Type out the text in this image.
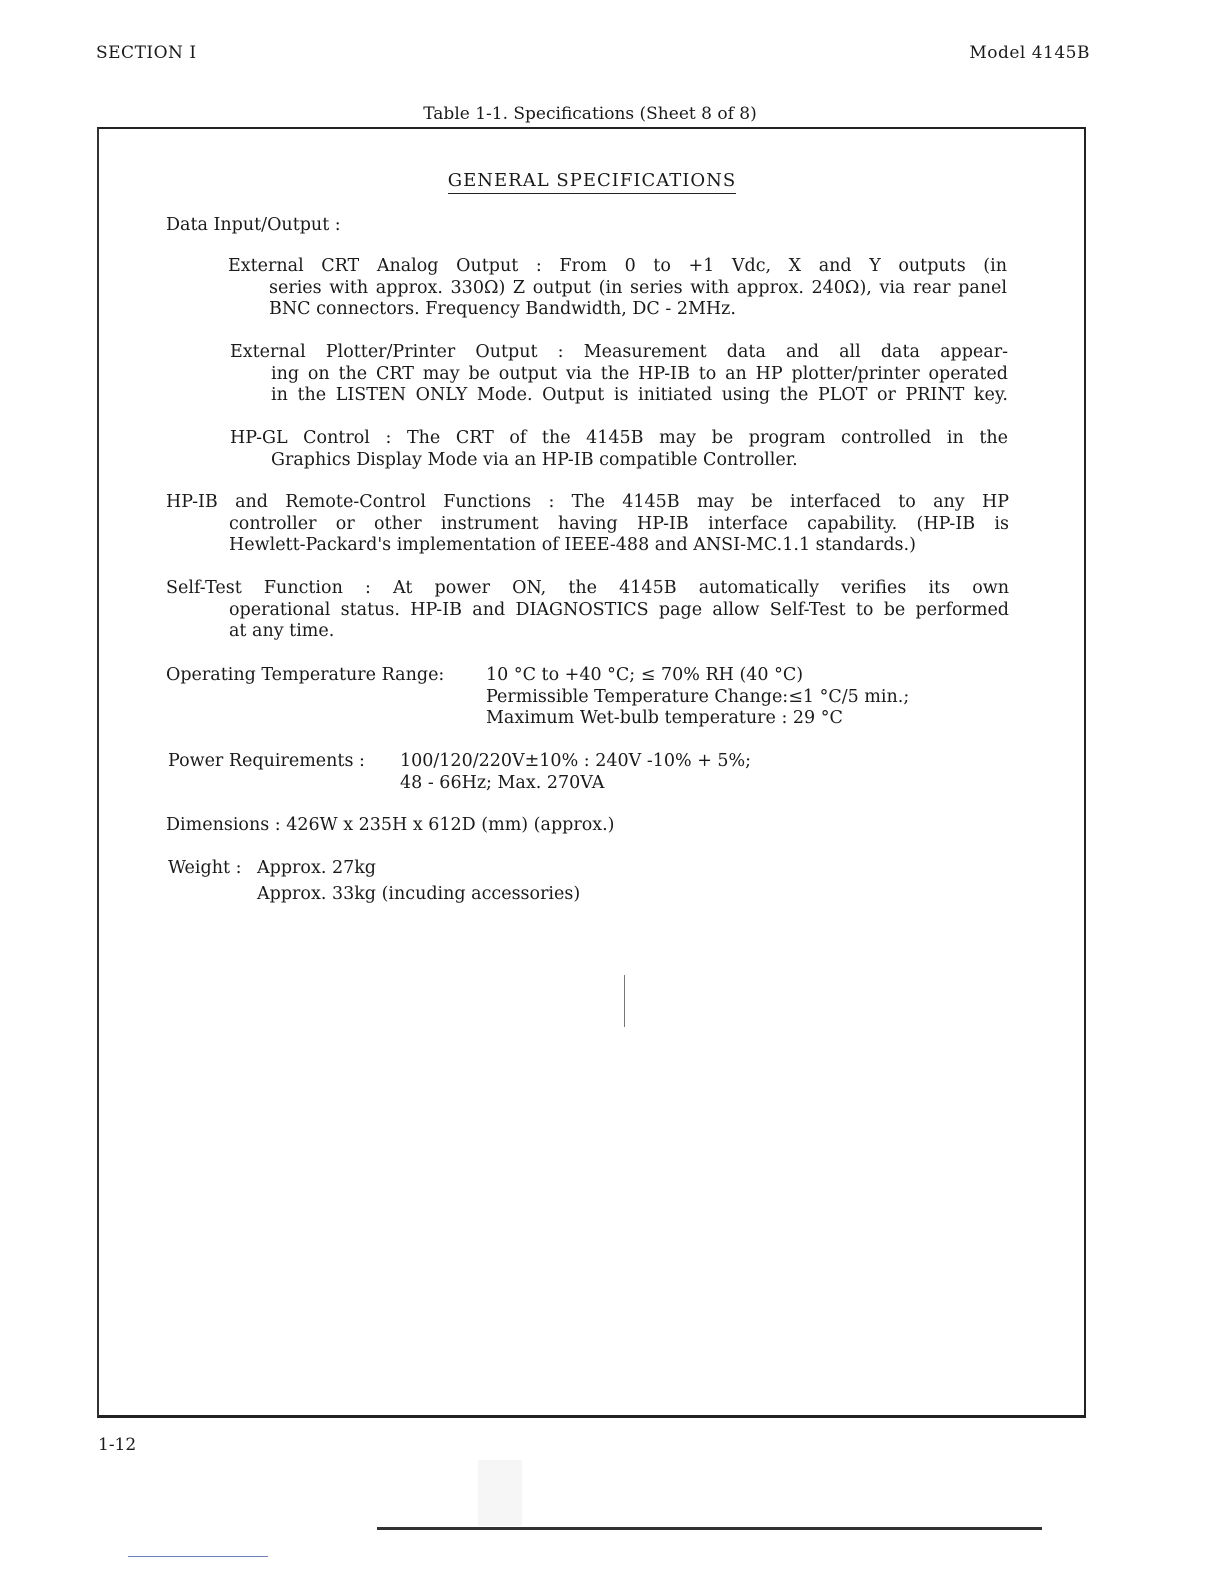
SECTION I	Model 4145B
Table 1-1. Specifications (Sheet 8 of 8)
GENERAL SPECIFICATIONS
Data Input/Output :
External CRT Analog Output : From 0 to +1 Vdc, X and Y outputs (in
series with approx. 330Ω) Z output (in series with approx. 240Ω), via rear panel
BNC connectors. Frequency Bandwidth, DC - 2MHz.
External Plotter/Printer Output : Measurement data and all data appear-
ing on the CRT may be output via the HP-IB to an HP plotter/printer operated
in the LISTEN ONLY Mode. Output is initiated using the PLOT or PRINT key.
HP-GL Control : The CRT of the 4145B may be program controlled in the
Graphics Display Mode via an HP-IB compatible Controller.
HP-IB and Remote-Control Functions : The 4145B may be interfaced to any HP
controller or other instrument having HP-IB interface capability. (HP-IB is
Hewlett-Packard's implementation of IEEE-488 and ANSI-MC.1.1 standards.)
Self-Test Function : At power ON, the 4145B automatically verifies its own
operational status. HP-IB and DIAGNOSTICS page allow Self-Test to be performed
at any time.
Operating Temperature Range: 10 °C to +40 °C; ≤ 70% RH (40 °C)
Permissible Temperature Change:≤1 °C/5 min.;
Maximum Wet-bulb temperature : 29 °C
Power Requirements : 100/120/220V±10% : 240V -10% + 5%;
48 - 66Hz; Max. 270VA
Dimensions : 426W x 235H x 612D (mm) (approx.)
Weight : Approx. 27kg
Approx. 33kg (incuding accessories)
1-12
